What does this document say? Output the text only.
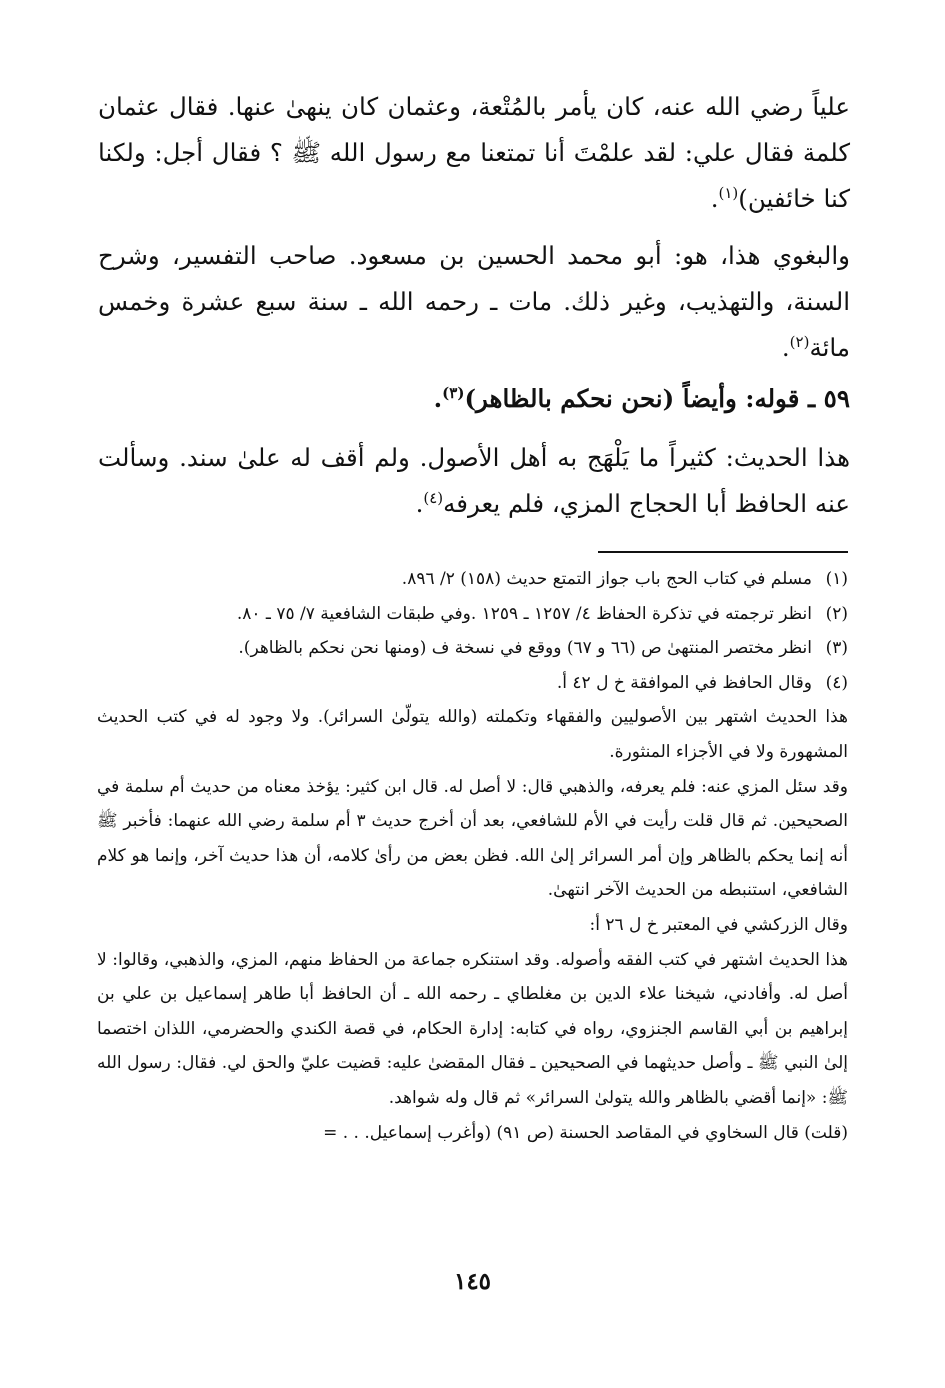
علياً رضي الله عنه، كان يأمر بالمُتْعة، وعثمان كان ينهىٰ عنها. فقال عثمان كلمة فقال علي: لقد علمْتَ أنا تمتعنا مع رسول الله ﷺ ؟ فقال أجل: ولكنا كنا خائفين)$^{(١)}$.

والبغوي هذا، هو: أبو محمد الحسين بن مسعود. صاحب التفسير، وشرح السنة، والتهذيب، وغير ذلك. مات ـ رحمه الله ـ سنة سبع عشرة وخمس مائة$^{(٢)}$.

٥٩ ـ قوله: وأيضاً (نحن نحكم بالظاهر)$^{(٣)}$.

هذا الحديث: كثيراً ما يَلْهَج به أهل الأصول. ولم أقف له علىٰ سند. وسألت عنه الحافظ أبا الحجاج المزي، فلم يعرفه$^{(٤)}$.

(١)
مسلم في كتاب الحج باب جواز التمتع حديث (١٥٨) ٢/ ٨٩٦.
(٢)
انظر ترجمته في تذكرة الحفاظ ٤/ ١٢٥٧ ـ ١٢٥٩ .وفي طبقات الشافعية ٧/ ٧٥ ـ ٨٠.
(٣)
انظر مختصر المنتهىٰ ص (٦٦ و ٦٧) ووقع في نسخة ف (ومنها نحن نحكم بالظاهر).
(٤)
وقال الحافظ في الموافقة خ ل ٤٢ أ.

هذا الحديث اشتهر بين الأصوليين والفقهاء وتكملته (والله يتولّىٰ السرائر). ولا وجود له في كتب الحديث المشهورة ولا في الأجزاء المنثورة.

وقد سئل المزي عنه: فلم يعرفه، والذهبي قال: لا أصل له. قال ابن كثير: يؤخذ معناه من حديث أم سلمة في الصحيحين. ثم قال قلت رأيت في الأم للشافعي، بعد أن أخرج حديث ٣ أم سلمة رضي الله عنهما: فأخبر ﷺ أنه إنما يحكم بالظاهر وإن أمر السرائر إلىٰ الله. فظن بعض من رأىٰ كلامه، أن هذا حديث آخر، وإنما هو كلام الشافعي، استنبطه من الحديث الآخر انتهىٰ.

وقال الزركشي في المعتبر خ ل ٢٦ أ:

هذا الحديث اشتهر في كتب الفقه وأصوله. وقد استنكره جماعة من الحفاظ منهم، المزي، والذهبي، وقالوا: لا أصل له. وأفادني، شيخنا علاء الدين بن مغلطاي ـ رحمه الله ـ أن الحافظ أبا طاهر إسماعيل بن علي بن إبراهيم بن أبي القاسم الجنزوي، رواه في كتابه: إدارة الحكام، في قصة الكندي والحضرمي، اللذان اختصما إلىٰ النبي ﷺ ـ وأصل حديثهما في الصحيحين ـ فقال المقضىٰ عليه: قضيت عليّ والحق لي. فقال: رسول الله ﷺ: «إنما أقضي بالظاهر والله يتولىٰ السرائر» ثم قال وله شواهد.

(قلت) قال السخاوي في المقاصد الحسنة (ص ٩١) (وأغرب إسماعيل. . . =

١٤٥
